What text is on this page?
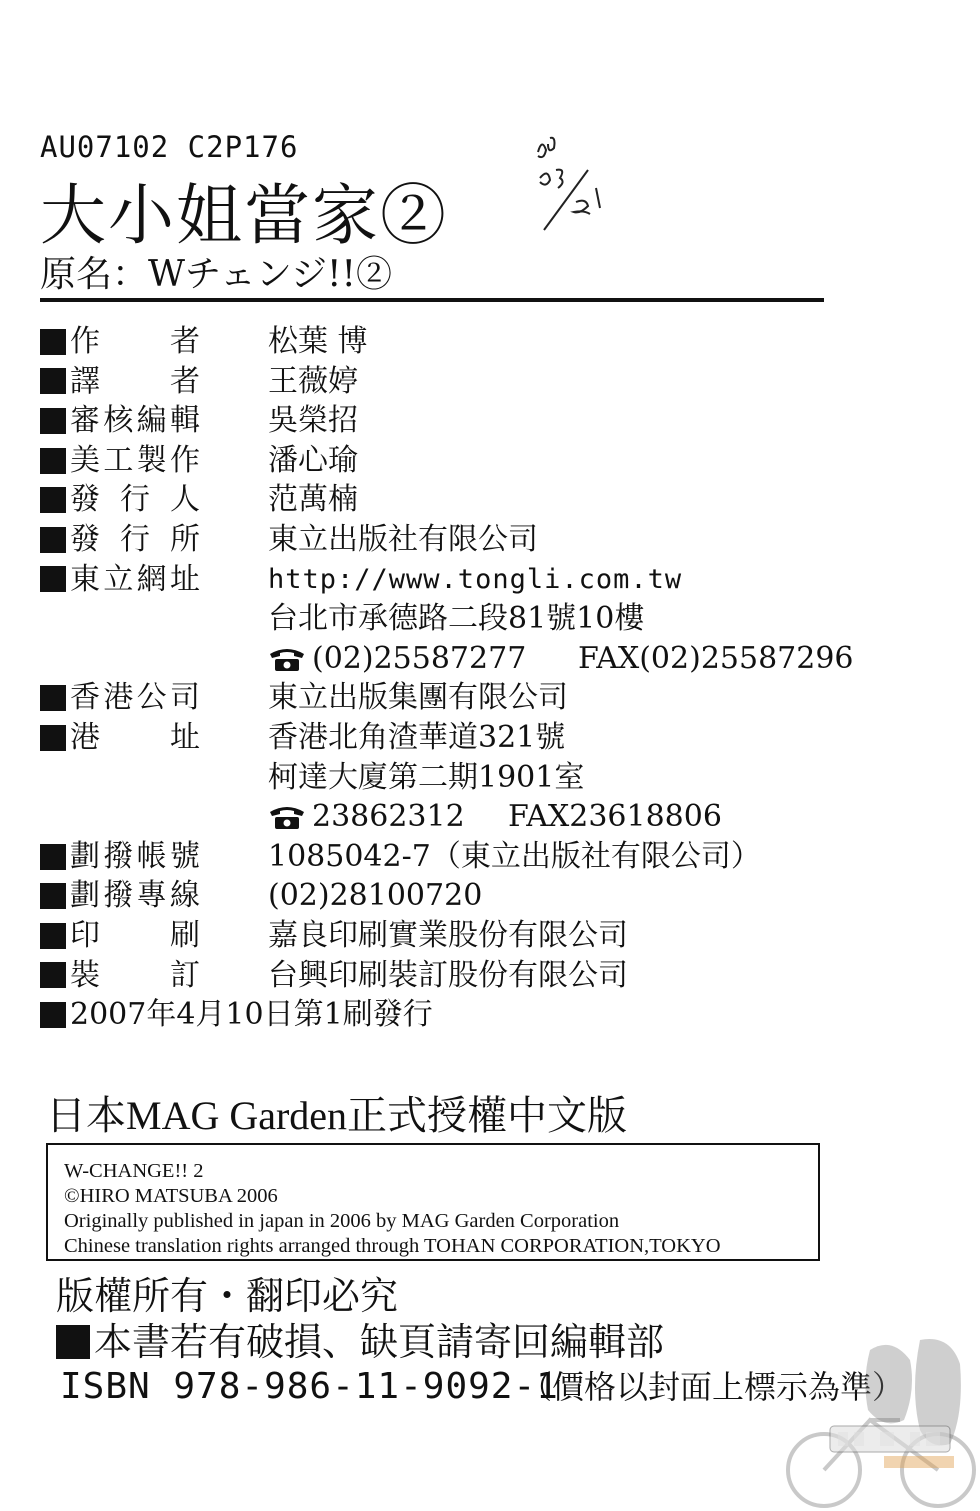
AU07102 C2P176
大小姐當家②
原名：Wチェンジ!!②
作　　者 松葉 博
譯　　者 王薇婷
審核編輯 吳榮招
美工製作 潘心瑜
發 行 人 范萬楠
發 行 所 東立出版社有限公司
東立網址	http://www.tongli.com.tw
台北市承德路二段81號10樓
(02)25587277 FAX(02)25587296
香港公司 東立出版集團有限公司
港　　址 香港北角渣華道321號
柯達大廈第二期1901室
23862312 FAX23618806
劃撥帳號 1085042-7（東立出版社有限公司）
劃撥專線 (02)28100720
印　　刷 嘉良印刷實業股份有限公司
裝　　訂 台興印刷裝訂股份有限公司
2007年4月10日第1刷發行
日本MAG Garden正式授權中文版
W-CHANGE!! 2
©HIRO MATSUBA 2006
Originally published in japan in 2006 by MAG Garden Corporation
Chinese translation rights arranged through TOHAN CORPORATION,TOKYO
版權所有・翻印必究
本書若有破損、缺頁請寄回編輯部
ISBN 978-986-11-9092-1
（價格以封面上標示為準）
